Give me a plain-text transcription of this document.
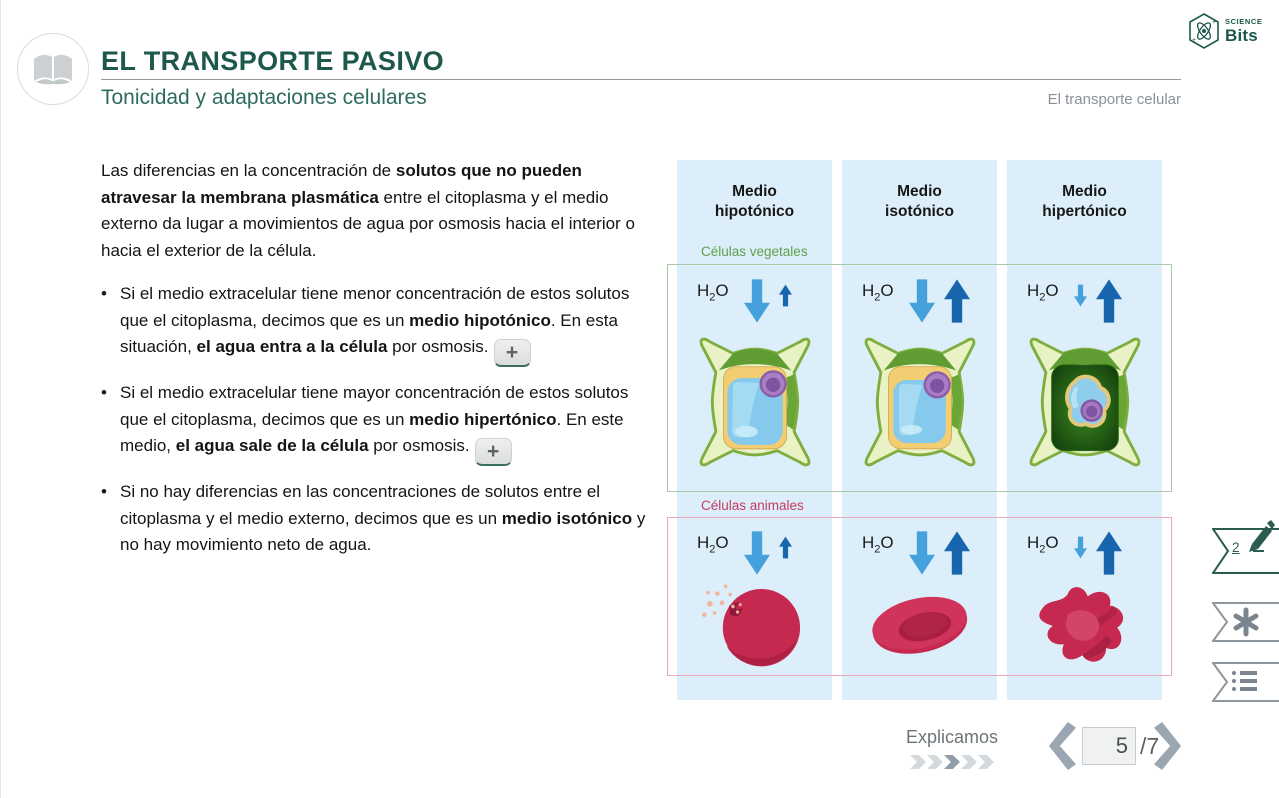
EL TRANSPORTE PASIVO
Tonicidad y adaptaciones celulares	El transporte celular
+
+
SCIENCE
Bits

Las diferencias en la concentración de solutos que no pueden atravesar la membrana plasmática entre el citoplasma y el medio externo da lugar a movimientos de agua por osmosis hacia el interior o hacia el exterior de la célula.

• Si el medio extracelular tiene menor concentración de estos solutos que el citoplasma, decimos que es un medio hipotónico. En esta situación, el agua entra a la célula por osmosis. +
• Si el medio extracelular tiene mayor concentración de estos solutos que el citoplasma, decimos que es un medio hipertónico. En este medio, el agua sale de la célula por osmosis. +
• Si no hay diferencias en las concentraciones de solutos entre el citoplasma y el medio externo, decimos que es un medio isotónico y no hay movimiento neto de agua.
Medio hipotónico
$H_2O$
$H_2O$
Medio isotónico
$H_2O$
$H_2O$
Medio hipertónico
$H_2O$
$H_2O$
Células vegetales
Células animales
Explicamos
5	/7
2
